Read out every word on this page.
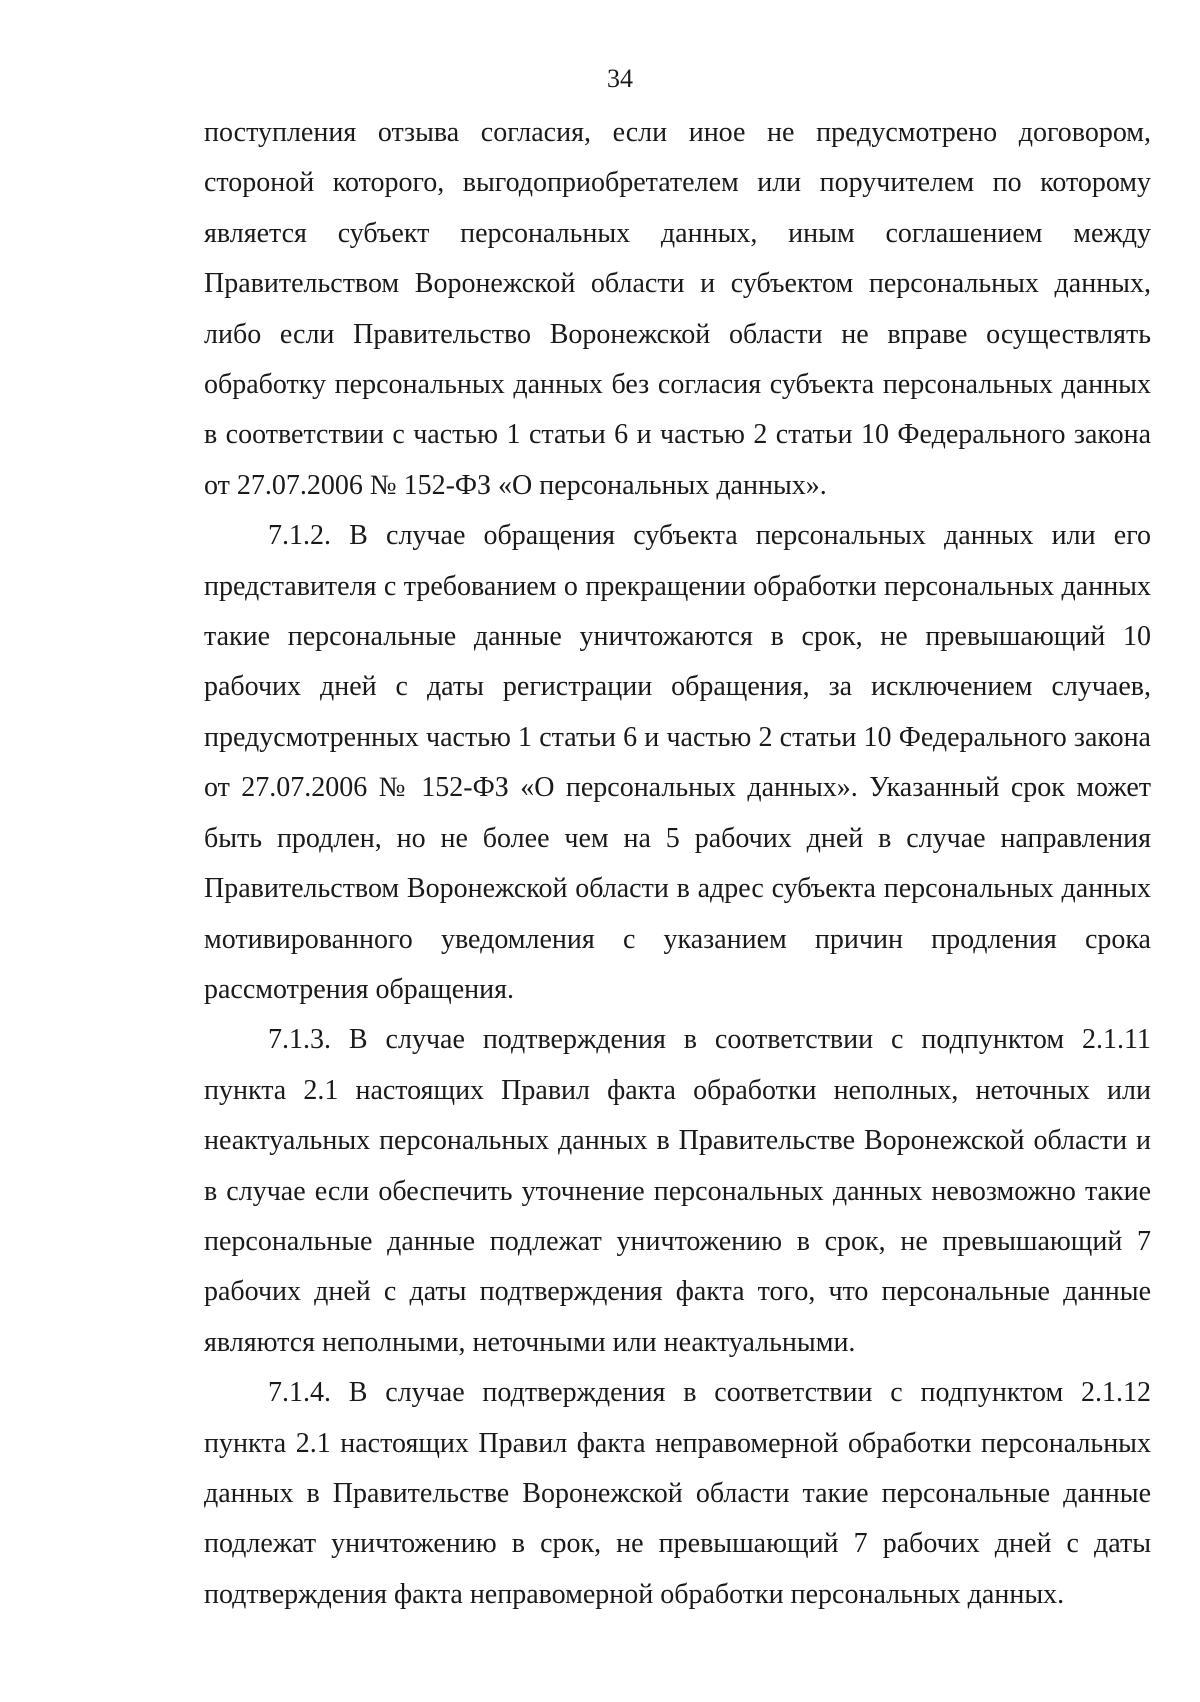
34

поступления отзыва согласия, если иное не предусмотрено договором, стороной которого, выгодоприобретателем или поручителем по которому является субъект персональных данных, иным соглашением между Правительством Воронежской области и субъектом персональных данных, либо если Правительство Воронежской области не вправе осуществлять обработку персональных данных без согласия субъекта персональных данных в соответствии с частью 1 статьи 6 и частью 2 статьи 10 Федерального закона от 27.07.2006 № 152-ФЗ «О персональных данных».

7.1.2. В случае обращения субъекта персональных данных или его представителя с требованием о прекращении обработки персональных данных такие персональные данные уничтожаются в срок, не превышающий 10 рабочих дней с даты регистрации обращения, за исключением случаев, предусмотренных частью 1 статьи 6 и частью 2 статьи 10 Федерального закона от 27.07.2006 № 152-ФЗ «О персональных данных». Указанный срок может быть продлен, но не более чем на 5 рабочих дней в случае направления Правительством Воронежской области в адрес субъекта персональных данных мотивированного уведомления с указанием причин продления срока рассмотрения обращения.

7.1.3. В случае подтверждения в соответствии с подпунктом 2.1.11 пункта 2.1 настоящих Правил факта обработки неполных, неточных или неактуальных персональных данных в Правительстве Воронежской области и в случае если обеспечить уточнение персональных данных невозможно такие персональные данные подлежат уничтожению в срок, не превышающий 7 рабочих дней с даты подтверждения факта того, что персональные данные являются неполными, неточными или неактуальными.

7.1.4. В случае подтверждения в соответствии с подпунктом 2.1.12 пункта 2.1 настоящих Правил факта неправомерной обработки персональных данных в Правительстве Воронежской области такие персональные данные подлежат уничтожению в срок, не превышающий 7 рабочих дней с даты подтверждения факта неправомерной обработки персональных данных.
